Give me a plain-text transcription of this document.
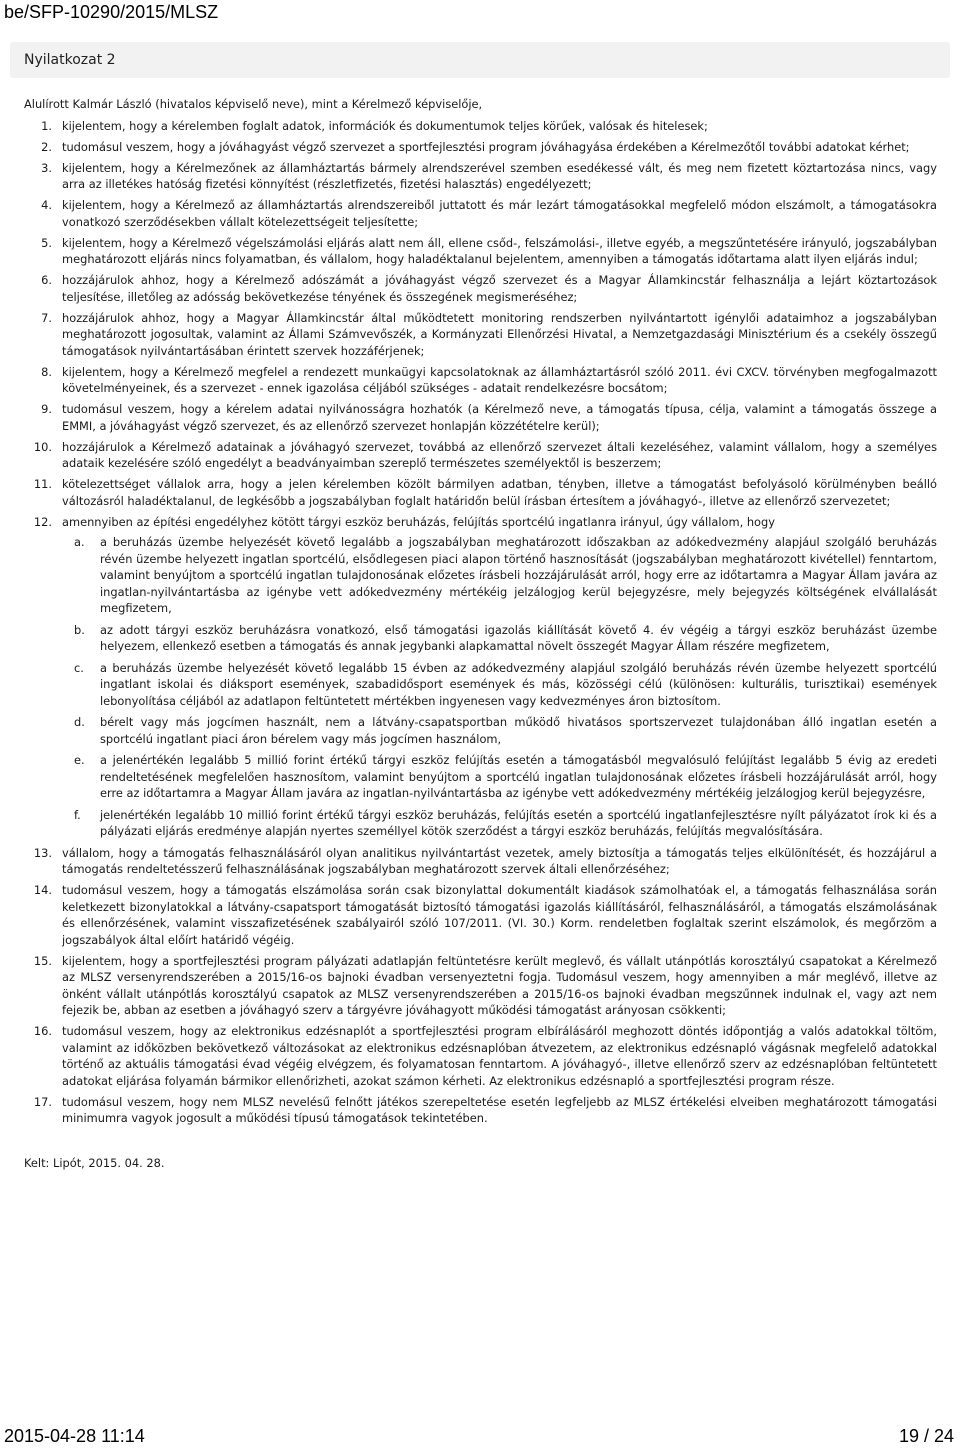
be/SFP-10290/2015/MLSZ
Nyilatkozat 2

Alulírott Kalmár László (hivatalos képviselő neve), mint a Kérelmező képviselője,

1. kijelentem, hogy a kérelemben foglalt adatok, információk és dokumentumok teljes körűek, valósak és hitelesek;
2. tudomásul veszem, hogy a jóváhagyást végző szervezet a sportfejlesztési program jóváhagyása érdekében a Kérelmezőtől további adatokat kérhet;
3. kijelentem, hogy a Kérelmezőnek az államháztartás bármely alrendszerével szemben esedékessé vált, és meg nem fizetett köztartozása nincs, vagy arra az illetékes hatóság fizetési könnyítést (részletfizetés, fizetési halasztás) engedélyezett;
4. kijelentem, hogy a Kérelmező az államháztartás alrendszereiből juttatott és már lezárt támogatásokkal megfelelő módon elszámolt, a támogatásokra vonatkozó szerződésekben vállalt kötelezettségeit teljesítette;
5. kijelentem, hogy a Kérelmező végelszámolási eljárás alatt nem áll, ellene csőd-, felszámolási-, illetve egyéb, a megszűntetésére irányuló, jogszabályban meghatározott eljárás nincs folyamatban, és vállalom, hogy haladéktalanul bejelentem, amennyiben a támogatás időtartama alatt ilyen eljárás indul;
6. hozzájárulok ahhoz, hogy a Kérelmező adószámát a jóváhagyást végző szervezet és a Magyar Államkincstár felhasználja a lejárt köztartozások teljesítése, illetőleg az adósság bekövetkezése tényének és összegének megismeréséhez;
7. hozzájárulok ahhoz, hogy a Magyar Államkincstár által működtetett monitoring rendszerben nyilvántartott igénylői adataimhoz a jogszabályban meghatározott jogosultak, valamint az Állami Számvevőszék, a Kormányzati Ellenőrzési Hivatal, a Nemzetgazdasági Minisztérium és a csekély összegű támogatások nyilvántartásában érintett szervek hozzáférjenek;
8. kijelentem, hogy a Kérelmező megfelel a rendezett munkaügyi kapcsolatoknak az államháztartásról szóló 2011. évi CXCV. törvényben megfogalmazott követelményeinek, és a szervezet - ennek igazolása céljából szükséges - adatait rendelkezésre bocsátom;
9. tudomásul veszem, hogy a kérelem adatai nyilvánosságra hozhatók (a Kérelmező neve, a támogatás típusa, célja, valamint a támogatás összege a EMMI, a jóváhagyást végző szervezet, és az ellenőrző szervezet honlapján közzétételre kerül);
10. hozzájárulok a Kérelmező adatainak a jóváhagyó szervezet, továbbá az ellenőrző szervezet általi kezeléséhez, valamint vállalom, hogy a személyes adataik kezelésére szóló engedélyt a beadványaimban szereplő természetes személyektől is beszerzem;
11. kötelezettséget vállalok arra, hogy a jelen kérelemben közölt bármilyen adatban, tényben, illetve a támogatást befolyásoló körülményben beálló változásról haladéktalanul, de legkésőbb a jogszabályban foglalt határidőn belül írásban értesítem a jóváhagyó-, illetve az ellenőrző szervezetet;
12. amennyiben az építési engedélyhez kötött tárgyi eszköz beruházás, felújítás sportcélú ingatlanra irányul, úgy vállalom, hogy
a.	a beruházás üzembe helyezését követő legalább a jogszabályban meghatározott időszakban az adókedvezmény alapjául szolgáló beruházás révén üzembe helyezett ingatlan sportcélú, elsődlegesen piaci alapon történő hasznosítását (jogszabályban meghatározott kivétellel) fenntartom, valamint benyújtom a sportcélú ingatlan tulajdonosának előzetes írásbeli hozzájárulását arról, hogy erre az időtartamra a Magyar Állam javára az ingatlan-nyilvántartásba az igénybe vett adókedvezmény mértékéig jelzálogjog kerül bejegyzésre, mely bejegyzés költségének elvállalását megfizetem,
b.	az adott tárgyi eszköz beruházásra vonatkozó, első támogatási igazolás kiállítását követő 4. év végéig a tárgyi eszköz beruházást üzembe helyezem, ellenkező esetben a támogatás és annak jegybanki alapkamattal növelt összegét Magyar Állam részére megfizetem,
c.	a beruházás üzembe helyezését követő legalább 15 évben az adókedvezmény alapjául szolgáló beruházás révén üzembe helyezett sportcélú ingatlant iskolai és diáksport események, szabadidősport események és más, közösségi célú (különösen: kulturális, turisztikai) események lebonyolítása céljából az adatlapon feltüntetett mértékben ingyenesen vagy kedvezményes áron biztosítom.
d.	bérelt vagy más jogcímen használt, nem a látvány-csapatsportban működő hivatásos sportszervezet tulajdonában álló ingatlan esetén a sportcélú ingatlant piaci áron bérelem vagy más jogcímen használom,
e.	a jelenértékén legalább 5 millió forint értékű tárgyi eszköz felújítás esetén a támogatásból megvalósuló felújítást legalább 5 évig az eredeti rendeltetésének megfelelően hasznosítom, valamint benyújtom a sportcélú ingatlan tulajdonosának előzetes írásbeli hozzájárulását arról, hogy erre az időtartamra a Magyar Állam javára az ingatlan-nyilvántartásba az igénybe vett adókedvezmény mértékéig jelzálogjog kerül bejegyzésre,
f.	jelenértékén legalább 10 millió forint értékű tárgyi eszköz beruházás, felújítás esetén a sportcélú ingatlanfejlesztésre nyílt pályázatot írok ki és a pályázati eljárás eredménye alapján nyertes személlyel kötök szerződést a tárgyi eszköz beruházás, felújítás megvalósítására.
13. vállalom, hogy a támogatás felhasználásáról olyan analitikus nyilvántartást vezetek, amely biztosítja a támogatás teljes elkülönítését, és hozzájárul a támogatás rendeltetésszerű felhasználásának jogszabályban meghatározott szervek általi ellenőrzéséhez;
14. tudomásul veszem, hogy a támogatás elszámolása során csak bizonylattal dokumentált kiadások számolhatóak el, a támogatás felhasználása során keletkezett bizonylatokkal a látvány-csapatsport támogatását biztosító támogatási igazolás kiállításáról, felhasználásáról, a támogatás elszámolásának és ellenőrzésének, valamint visszafizetésének szabályairól szóló 107/2011. (VI. 30.) Korm. rendeletben foglaltak szerint elszámolok, és megőrzöm a jogszabályok által előírt határidő végéig.
15. kijelentem, hogy a sportfejlesztési program pályázati adatlapján feltüntetésre került meglevő, és vállalt utánpótlás korosztályú csapatokat a Kérelmező az MLSZ versenyrendszerében a 2015/16-os bajnoki évadban versenyeztetni fogja. Tudomásul veszem, hogy amennyiben a már meglévő, illetve az önként vállalt utánpótlás korosztályú csapatok az MLSZ versenyrendszerében a 2015/16-os bajnoki évadban megszűnnek indulnak el, vagy azt nem fejezik be, abban az esetben a jóváhagyó szerv a tárgyévre jóváhagyott működési támogatást arányosan csökkenti;
16. tudomásul veszem, hogy az elektronikus edzésnaplót a sportfejlesztési program elbírálásáról meghozott döntés időpontjág a valós adatokkal töltöm, valamint az időközben bekövetkező változásokat az elektronikus edzésnaplóban átvezetem, az elektronikus edzésnapló vágásnak megfelelő adatokkal történő az aktuális támogatási évad végéig elvégzem, és folyamatosan fenntartom. A jóváhagyó-, illetve ellenőrző szerv az edzésnaplóban feltüntetett adatokat eljárása folyamán bármikor ellenőrizheti, azokat számon kérheti. Az elektronikus edzésnapló a sportfejlesztési program része.
17. tudomásul veszem, hogy nem MLSZ nevelésű felnőtt játékos szerepeltetése esetén legfeljebb az MLSZ értékelési elveiben meghatározott támogatási minimumra vagyok jogosult a működési típusú támogatások tekintetében.
Kelt: Lipót, 2015. 04. 28.
2015-04-28 11:14	19 / 24
